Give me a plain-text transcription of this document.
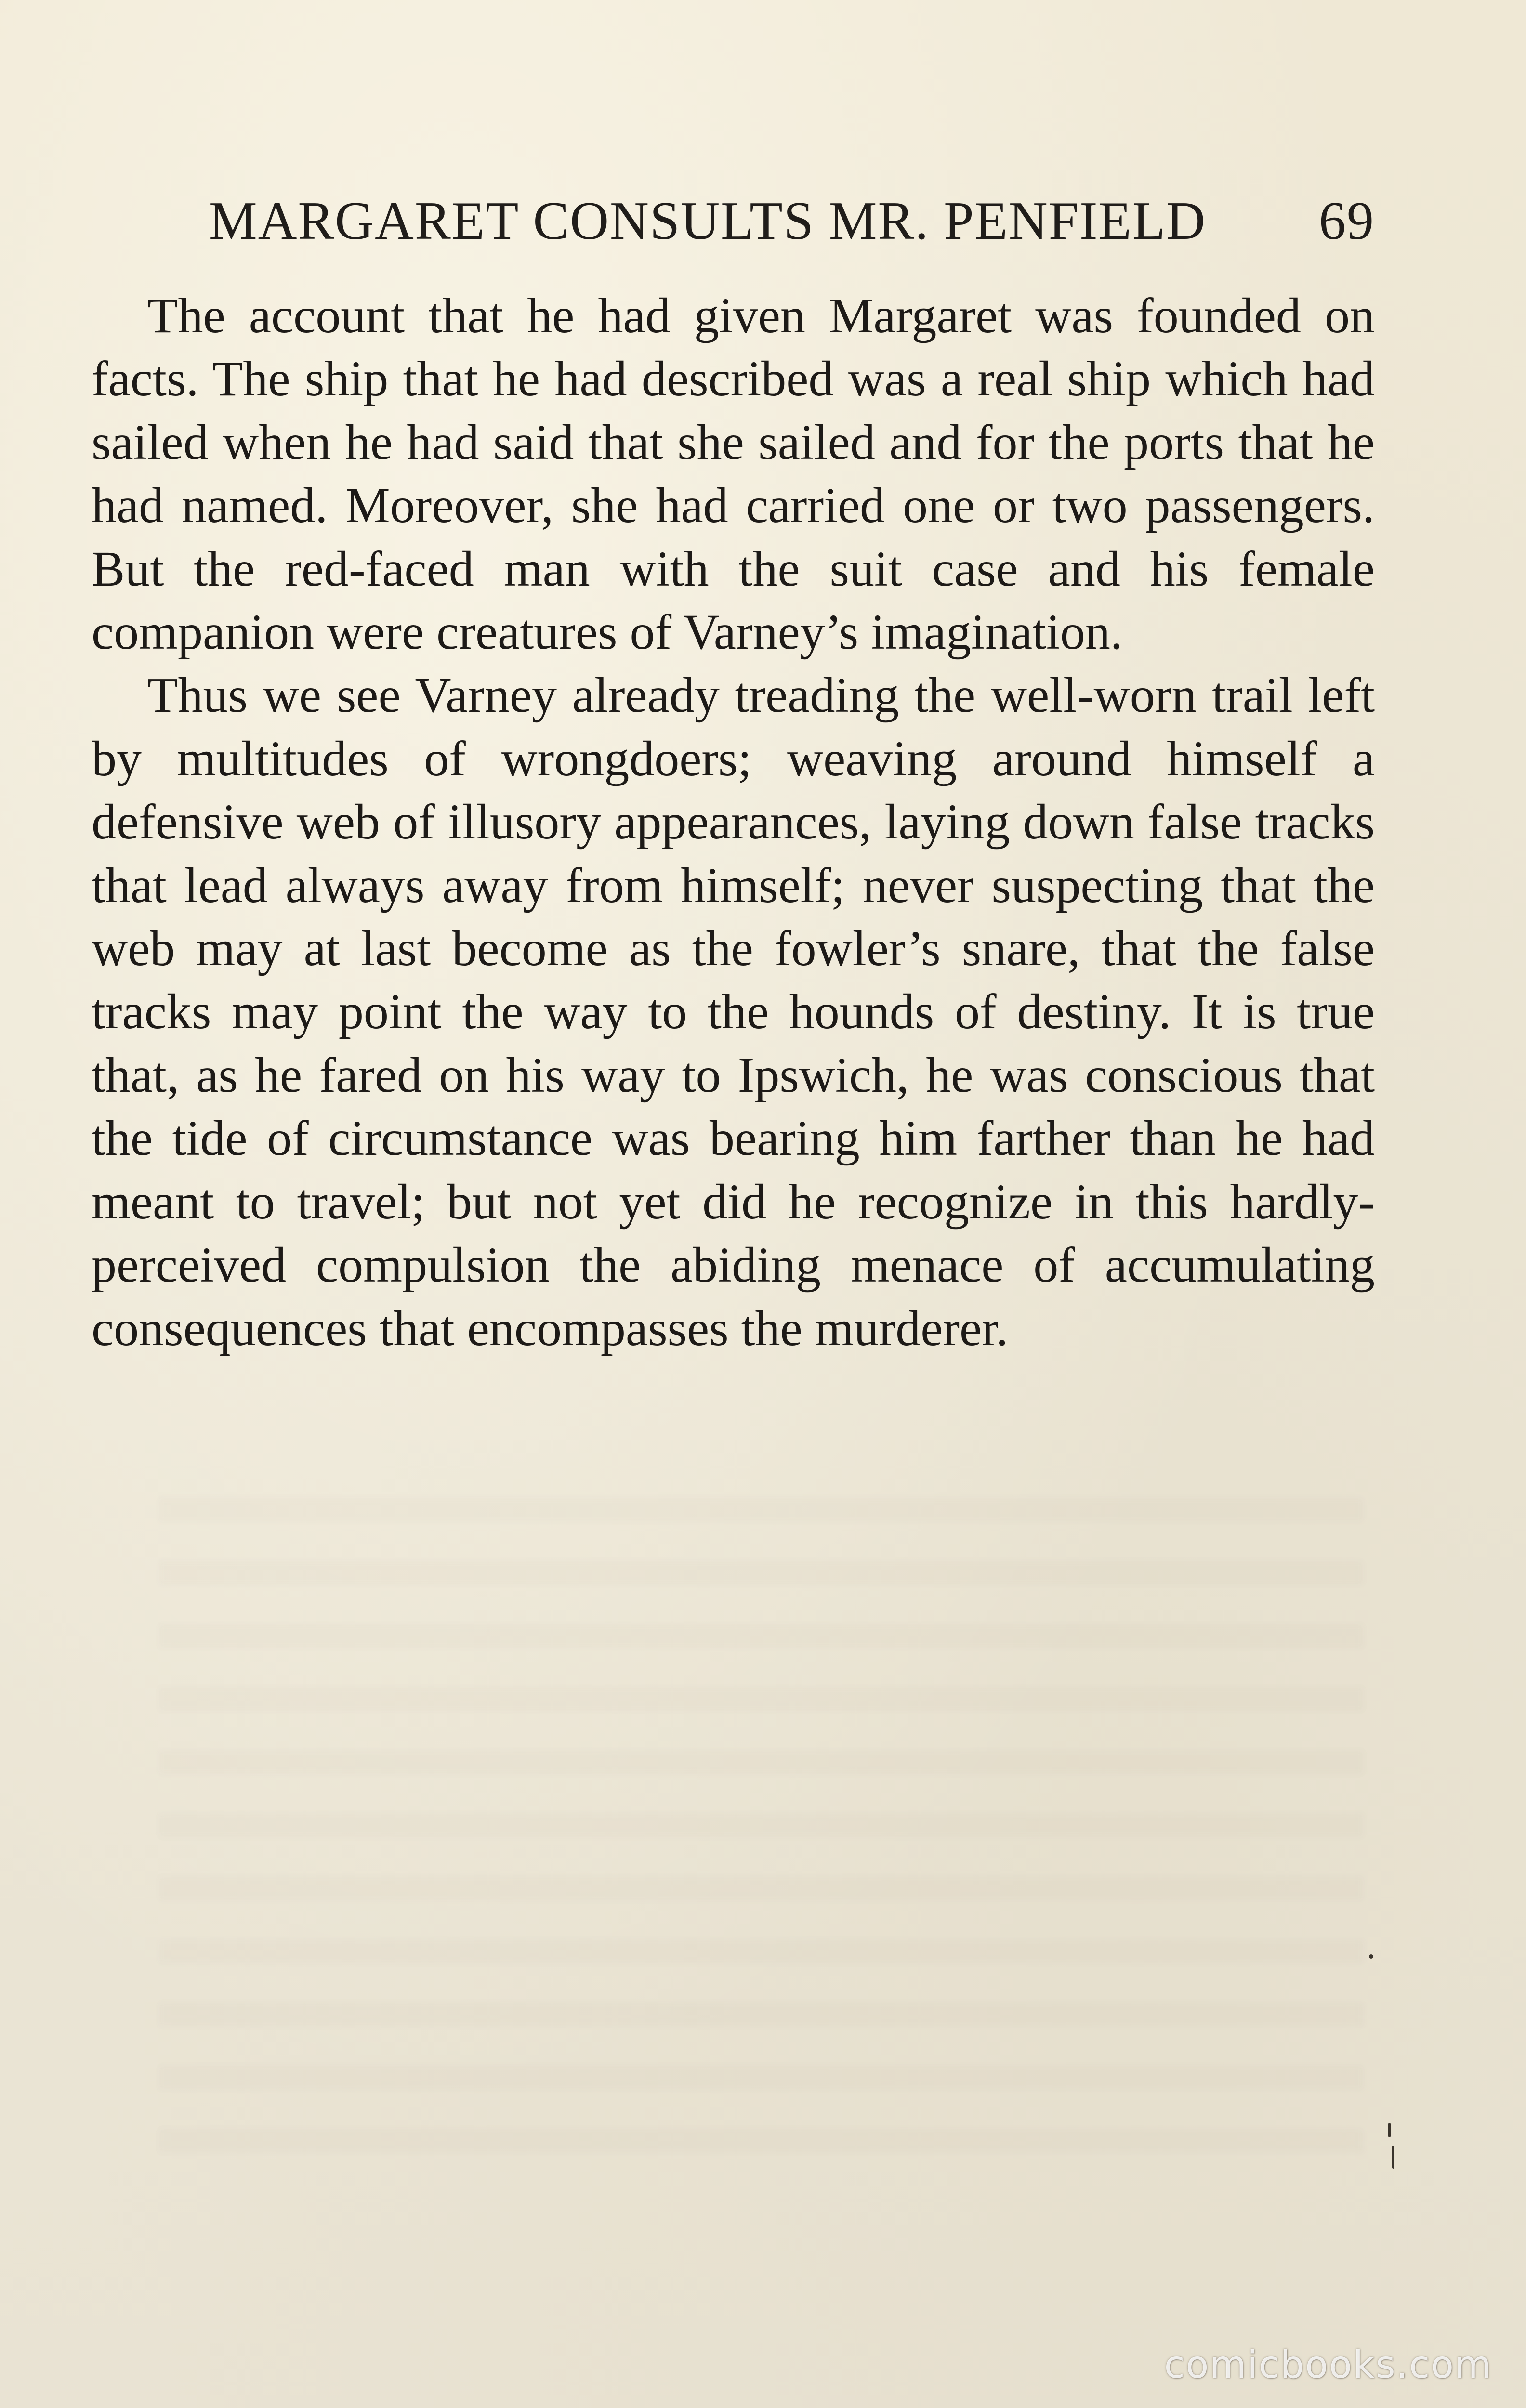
MARGARET CONSULTS MR. PENFIELD 69

The account that he had given Margaret was founded on facts. The ship that he had described was a real ship which had sailed when he had said that she sailed and for the ports that he had named. Moreover, she had carried one or two passengers. But the red-faced man with the suit case and his female companion were creatures of Varney’s imagination.

Thus we see Varney already treading the well-worn trail left by multitudes of wrongdoers; weaving around himself a defensive web of illusory appearances, laying down false tracks that lead always away from himself; never suspecting that the web may at last become as the fowler’s snare, that the false tracks may point the way to the hounds of destiny. It is true that, as he fared on his way to Ipswich, he was conscious that the tide of circumstance was bearing him farther than he had meant to travel; but not yet did he recognize in this hardly-perceived compulsion the abiding menace of accumulating consequences that encompasses the murderer.

comicbooks.com
